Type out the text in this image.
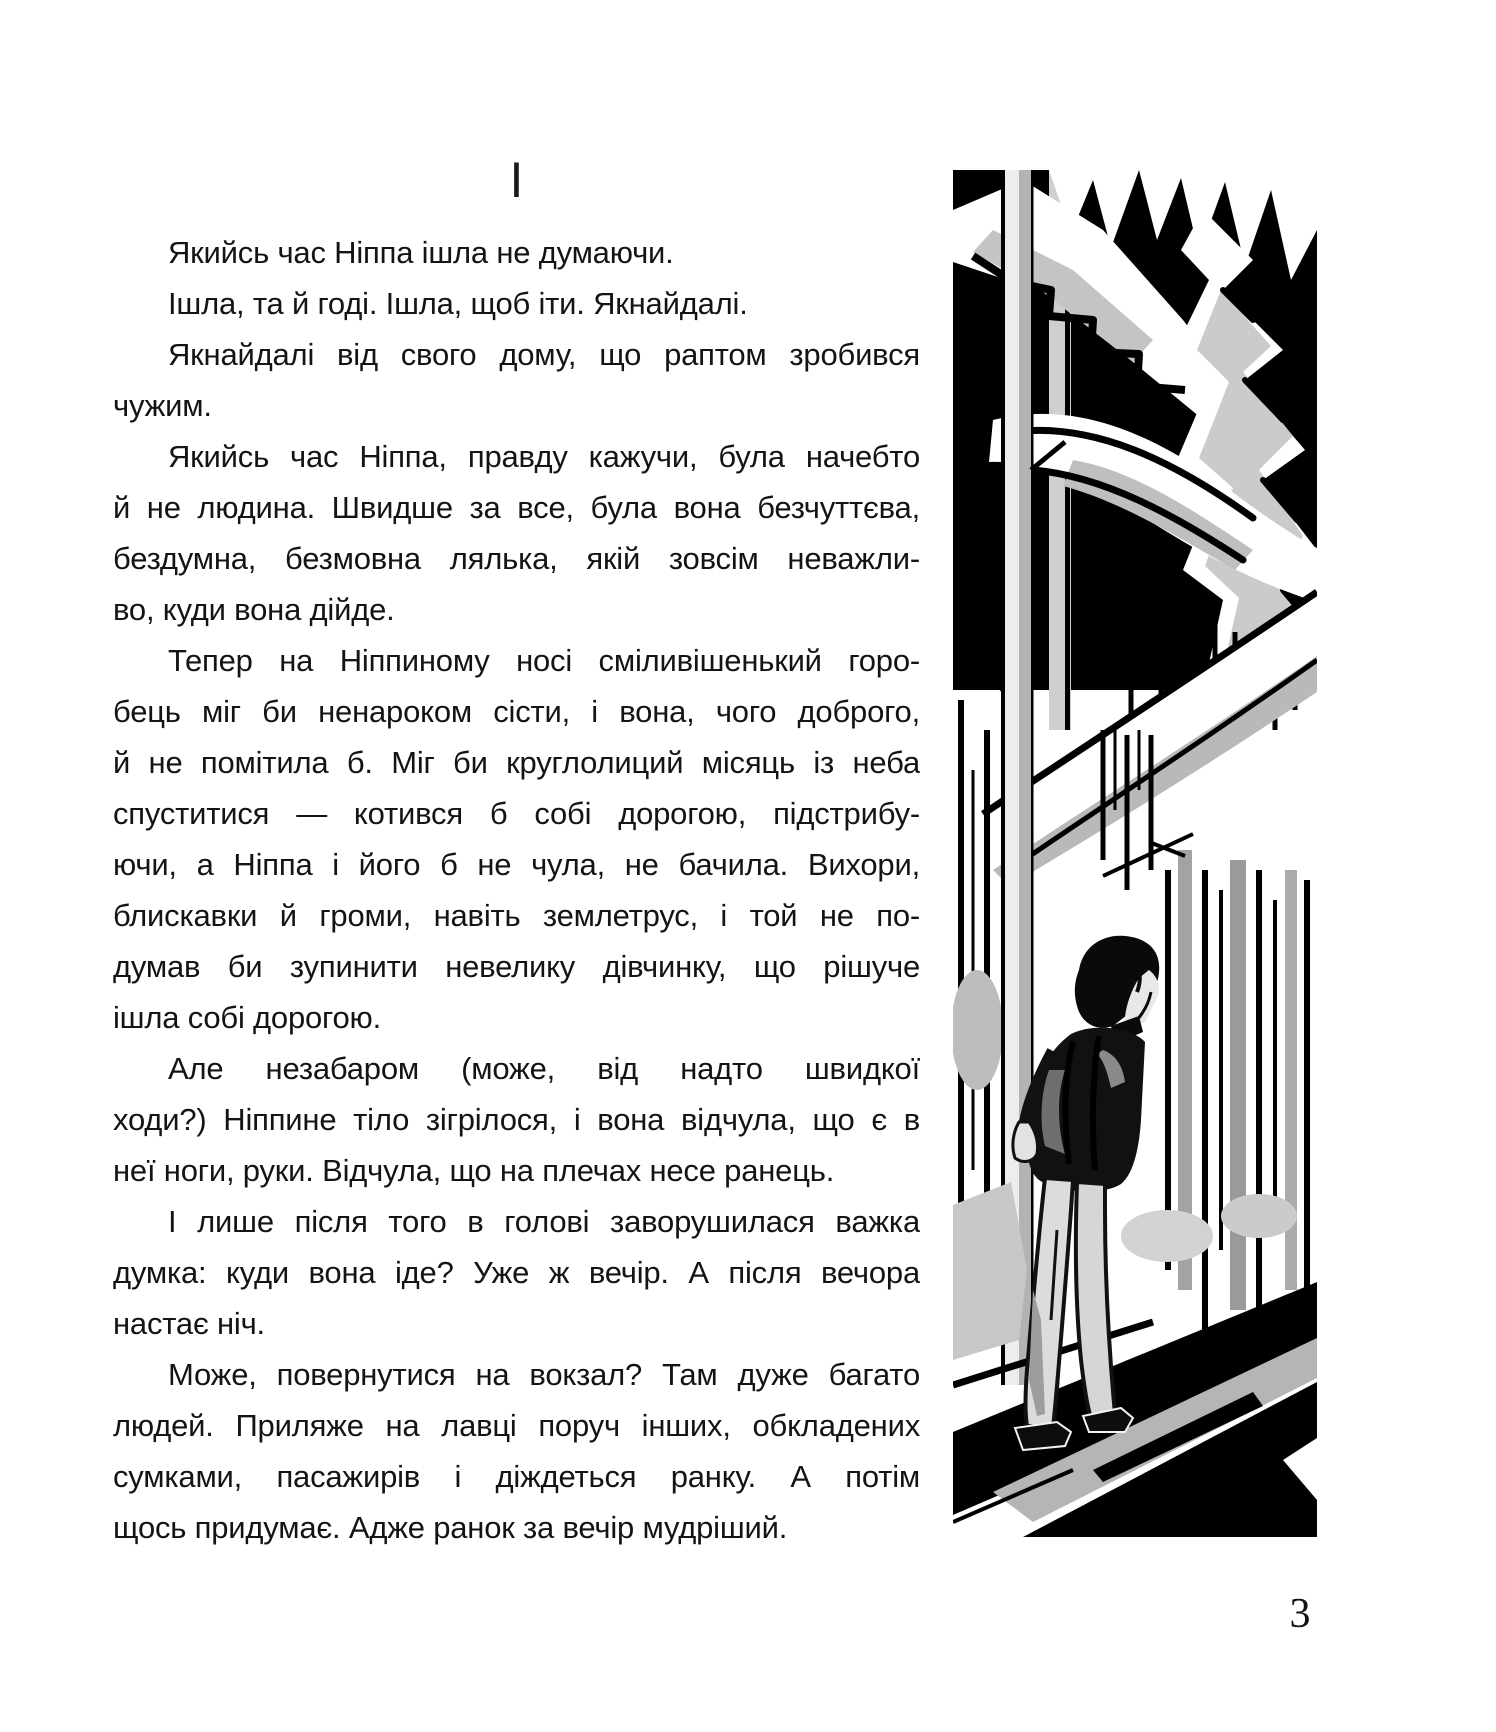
I
Якийсь час Ніппа ішла не думаючи.
Ішла, та й годі. Ішла, щоб іти. Якнайдалі.
Якнайдалі від свого дому, що раптом зробився
чужим.
Якийсь час Ніппа, правду кажучи, була начебто
й не людина. Швидше за все, була вона безчуттєва,
бездумна, безмовна лялька, якій зовсім неважли-
во, куди вона дійде.
Тепер на Ніппиному носі сміливішенький горо-
бець міг би ненароком сісти, і вона, чого доброго,
й не помітила б. Міг би круглолиций місяць із неба
спуститися — котився б собі дорогою, підстрибу-
ючи, а Ніппа і його б не чула, не бачила. Вихори,
блискавки й громи, навіть землетрус, і той не по-
думав би зупинити невелику дівчинку, що рішуче
ішла собі дорогою.
Але незабаром (може, від надто швидкої
ходи?) Ніппине тіло зігрілося, і вона відчула, що є в
неї ноги, руки. Відчула, що на плечах несе ранець.
І лише після того в голові заворушилася важка
думка: куди вона іде? Уже ж вечір. А після вечора
настає ніч.
Може, повернутися на вокзал? Там дуже багато
людей. Приляже на лавці поруч інших, обкладених
сумками, пасажирів і діждеться ранку. А потім
щось придумає. Адже ранок за вечір мудріший.
3
